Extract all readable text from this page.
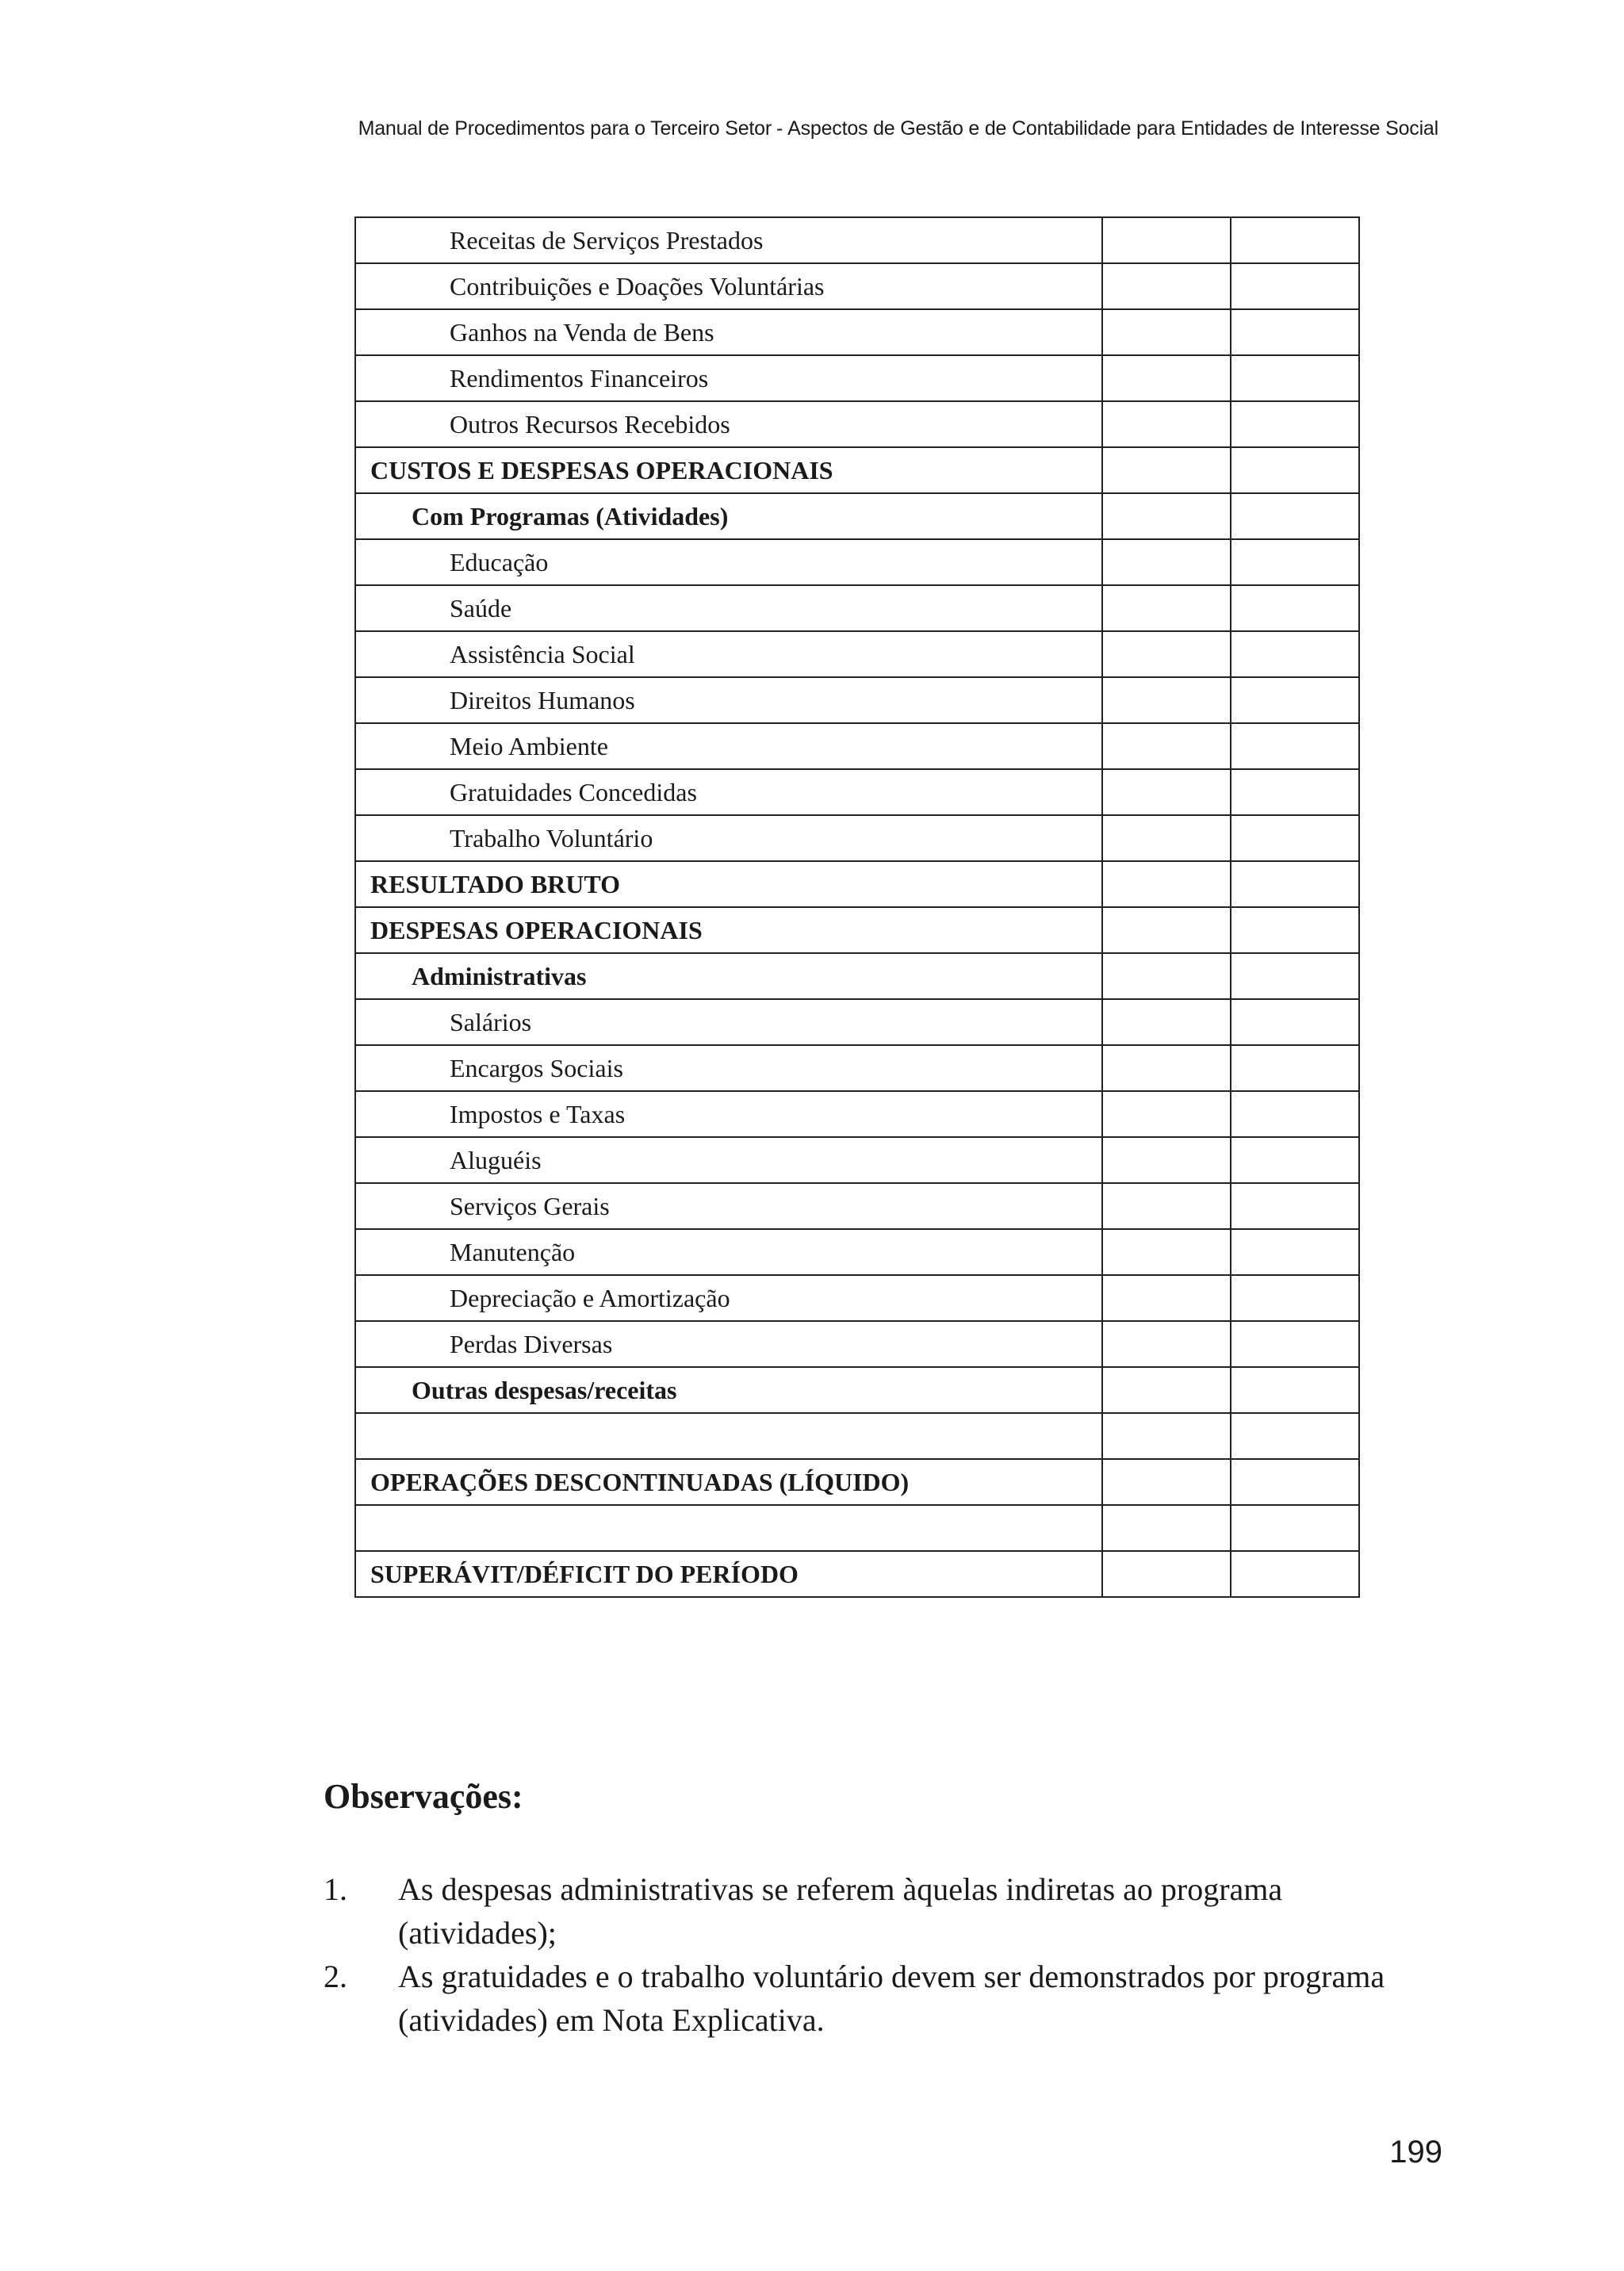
Manual de Procedimentos para o Terceiro Setor - Aspectos de Gestão e de Contabilidade para Entidades de Interesse Social
Receitas de Serviços Prestados		

Contribuições e Doações Voluntárias		

Ganhos na Venda de Bens		

Rendimentos Financeiros		

Outros Recursos Recebidos		

CUSTOS E DESPESAS OPERACIONAIS		

Com Programas (Atividades)		

Educação		

Saúde		

Assistência Social		

Direitos Humanos		

Meio Ambiente		

Gratuidades Concedidas		

Trabalho Voluntário		

RESULTADO BRUTO		

DESPESAS OPERACIONAIS		

Administrativas		

Salários		

Encargos Sociais		

Impostos e Taxas		

Aluguéis		

Serviços Gerais		

Manutenção		

Depreciação e Amortização		

Perdas Diversas		

Outras despesas/receitas		

OPERAÇÕES DESCONTINUADAS (LÍQUIDO)		

SUPERÁVIT/DÉFICIT DO PERÍODO		

Observações:
1.	As despesas administrativas se referem àquelas indiretas ao programa (atividades);
2.	As gratuidades e o trabalho voluntário devem ser demonstrados por programa (atividades) em Nota Explicativa.
199
